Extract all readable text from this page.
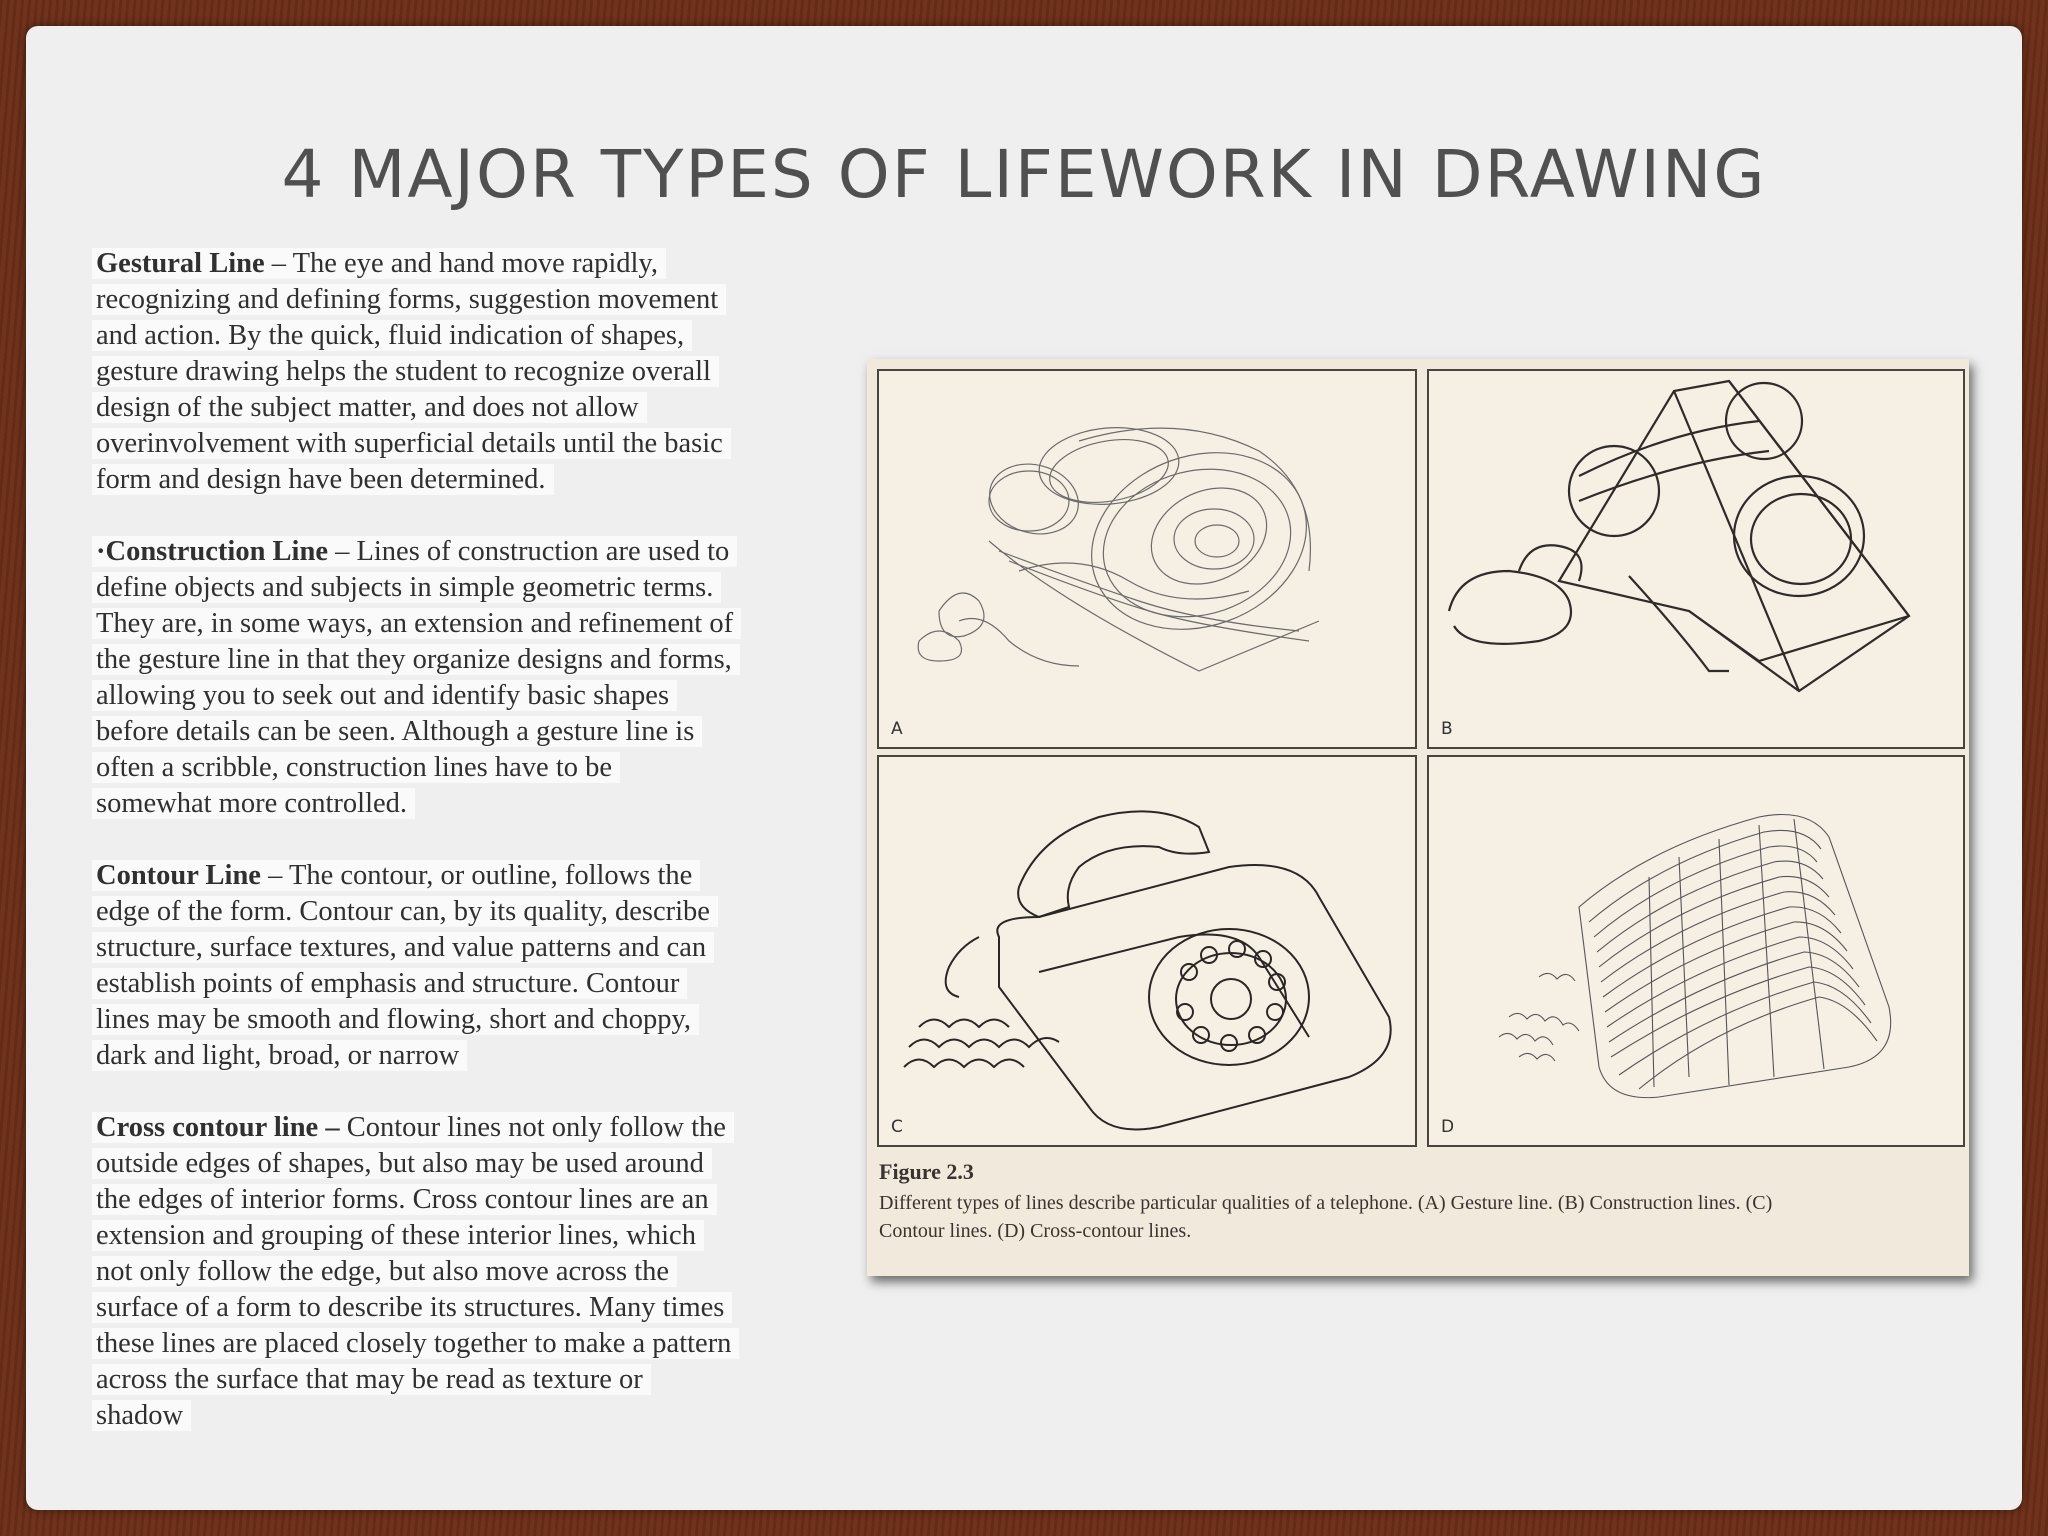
4 MAJOR TYPES OF LIFEWORK IN DRAWING

Gestural Line – The eye and hand move rapidly,
recognizing and defining forms, suggestion movement
and action. By the quick, fluid indication of shapes,
gesture drawing helps the student to recognize overall
design of the subject matter, and does not allow
overinvolvement with superficial details until the basic
form and design have been determined.

·Construction Line – Lines of construction are used to
define objects and subjects in simple geometric terms.
They are, in some ways, an extension and refinement of
the gesture line in that they organize designs and forms,
allowing you to seek out and identify basic shapes
before details can be seen. Although a gesture line is
often a scribble, construction lines have to be
somewhat more controlled.

Contour Line – The contour, or outline, follows the
edge of the form. Contour can, by its quality, describe
structure, surface textures, and value patterns and can
establish points of emphasis and structure. Contour
lines may be smooth and flowing, short and choppy,
dark and light, broad, or narrow

Cross contour line – Contour lines not only follow the
outside edges of shapes, but also may be used around
the edges of interior forms. Cross contour lines are an
extension and grouping of these interior lines, which
not only follow the edge, but also move across the
surface of a form to describe its structures. Many times
these lines are placed closely together to make a pattern
across the surface that may be read as texture or
shadow

A	B
C	D
Figure 2.3
Different types of lines describe particular qualities of a telephone. (A) Gesture line. (B) Construction lines. (C) Contour lines. (D) Cross-contour lines.
